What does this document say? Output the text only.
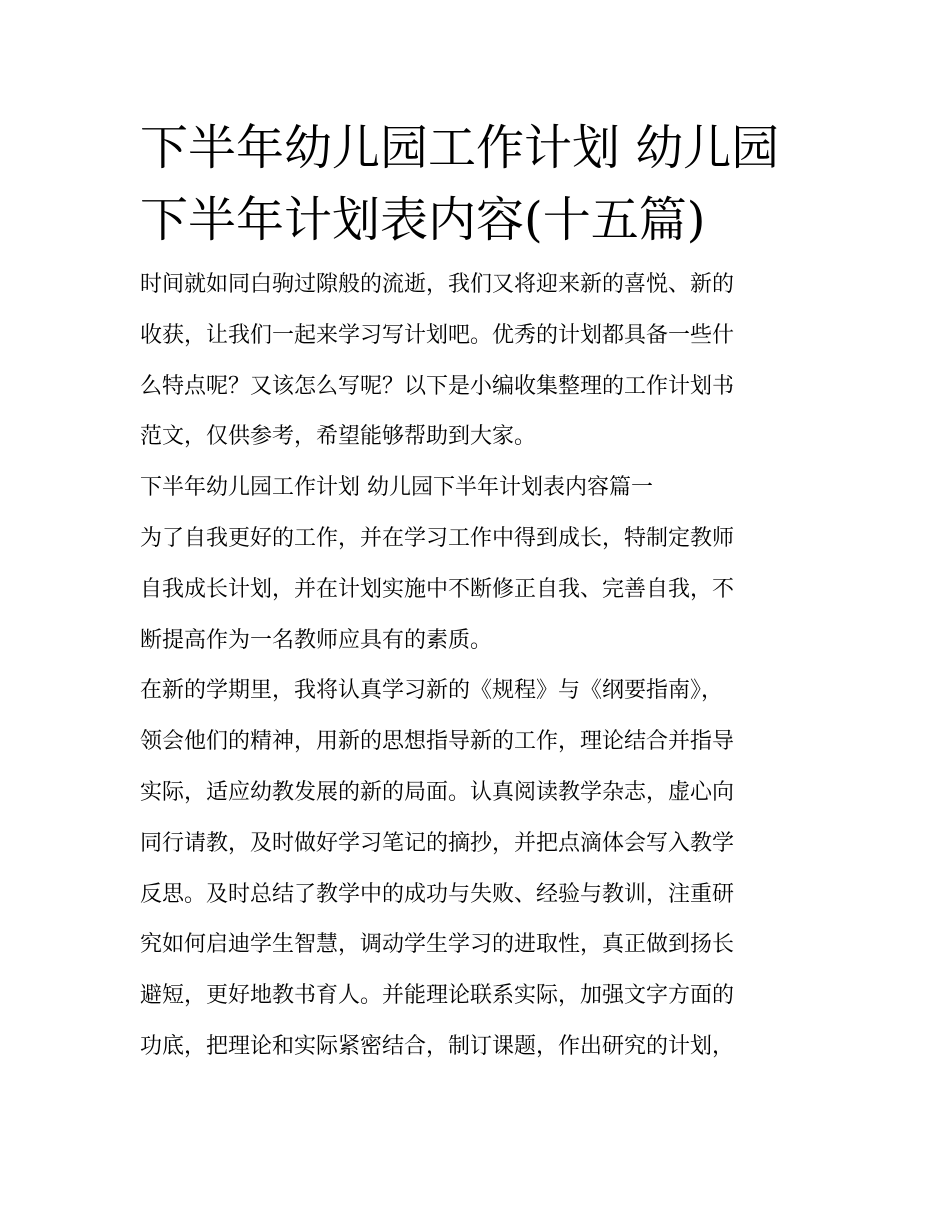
下半年幼儿园工作计划 幼儿园
下半年计划表内容(十五篇)
时间就如同白驹过隙般的流逝，我们又将迎来新的喜悦、新的
收获，让我们一起来学习写计划吧。优秀的计划都具备一些什
么特点呢？又该怎么写呢？以下是小编收集整理的工作计划书
范文，仅供参考，希望能够帮助到大家。
下半年幼儿园工作计划 幼儿园下半年计划表内容篇一
为了自我更好的工作，并在学习工作中得到成长，特制定教师
自我成长计划，并在计划实施中不断修正自我、完善自我，不
断提高作为一名教师应具有的素质。
在新的学期里，我将认真学习新的《规程》与《纲要指南》，
领会他们的精神，用新的思想指导新的工作，理论结合并指导
实际，适应幼教发展的新的局面。认真阅读教学杂志，虚心向
同行请教，及时做好学习笔记的摘抄，并把点滴体会写入教学
反思。及时总结了教学中的成功与失败、经验与教训，注重研
究如何启迪学生智慧，调动学生学习的进取性，真正做到扬长
避短，更好地教书育人。并能理论联系实际，加强文字方面的
功底，把理论和实际紧密结合，制订课题，作出研究的计划，
